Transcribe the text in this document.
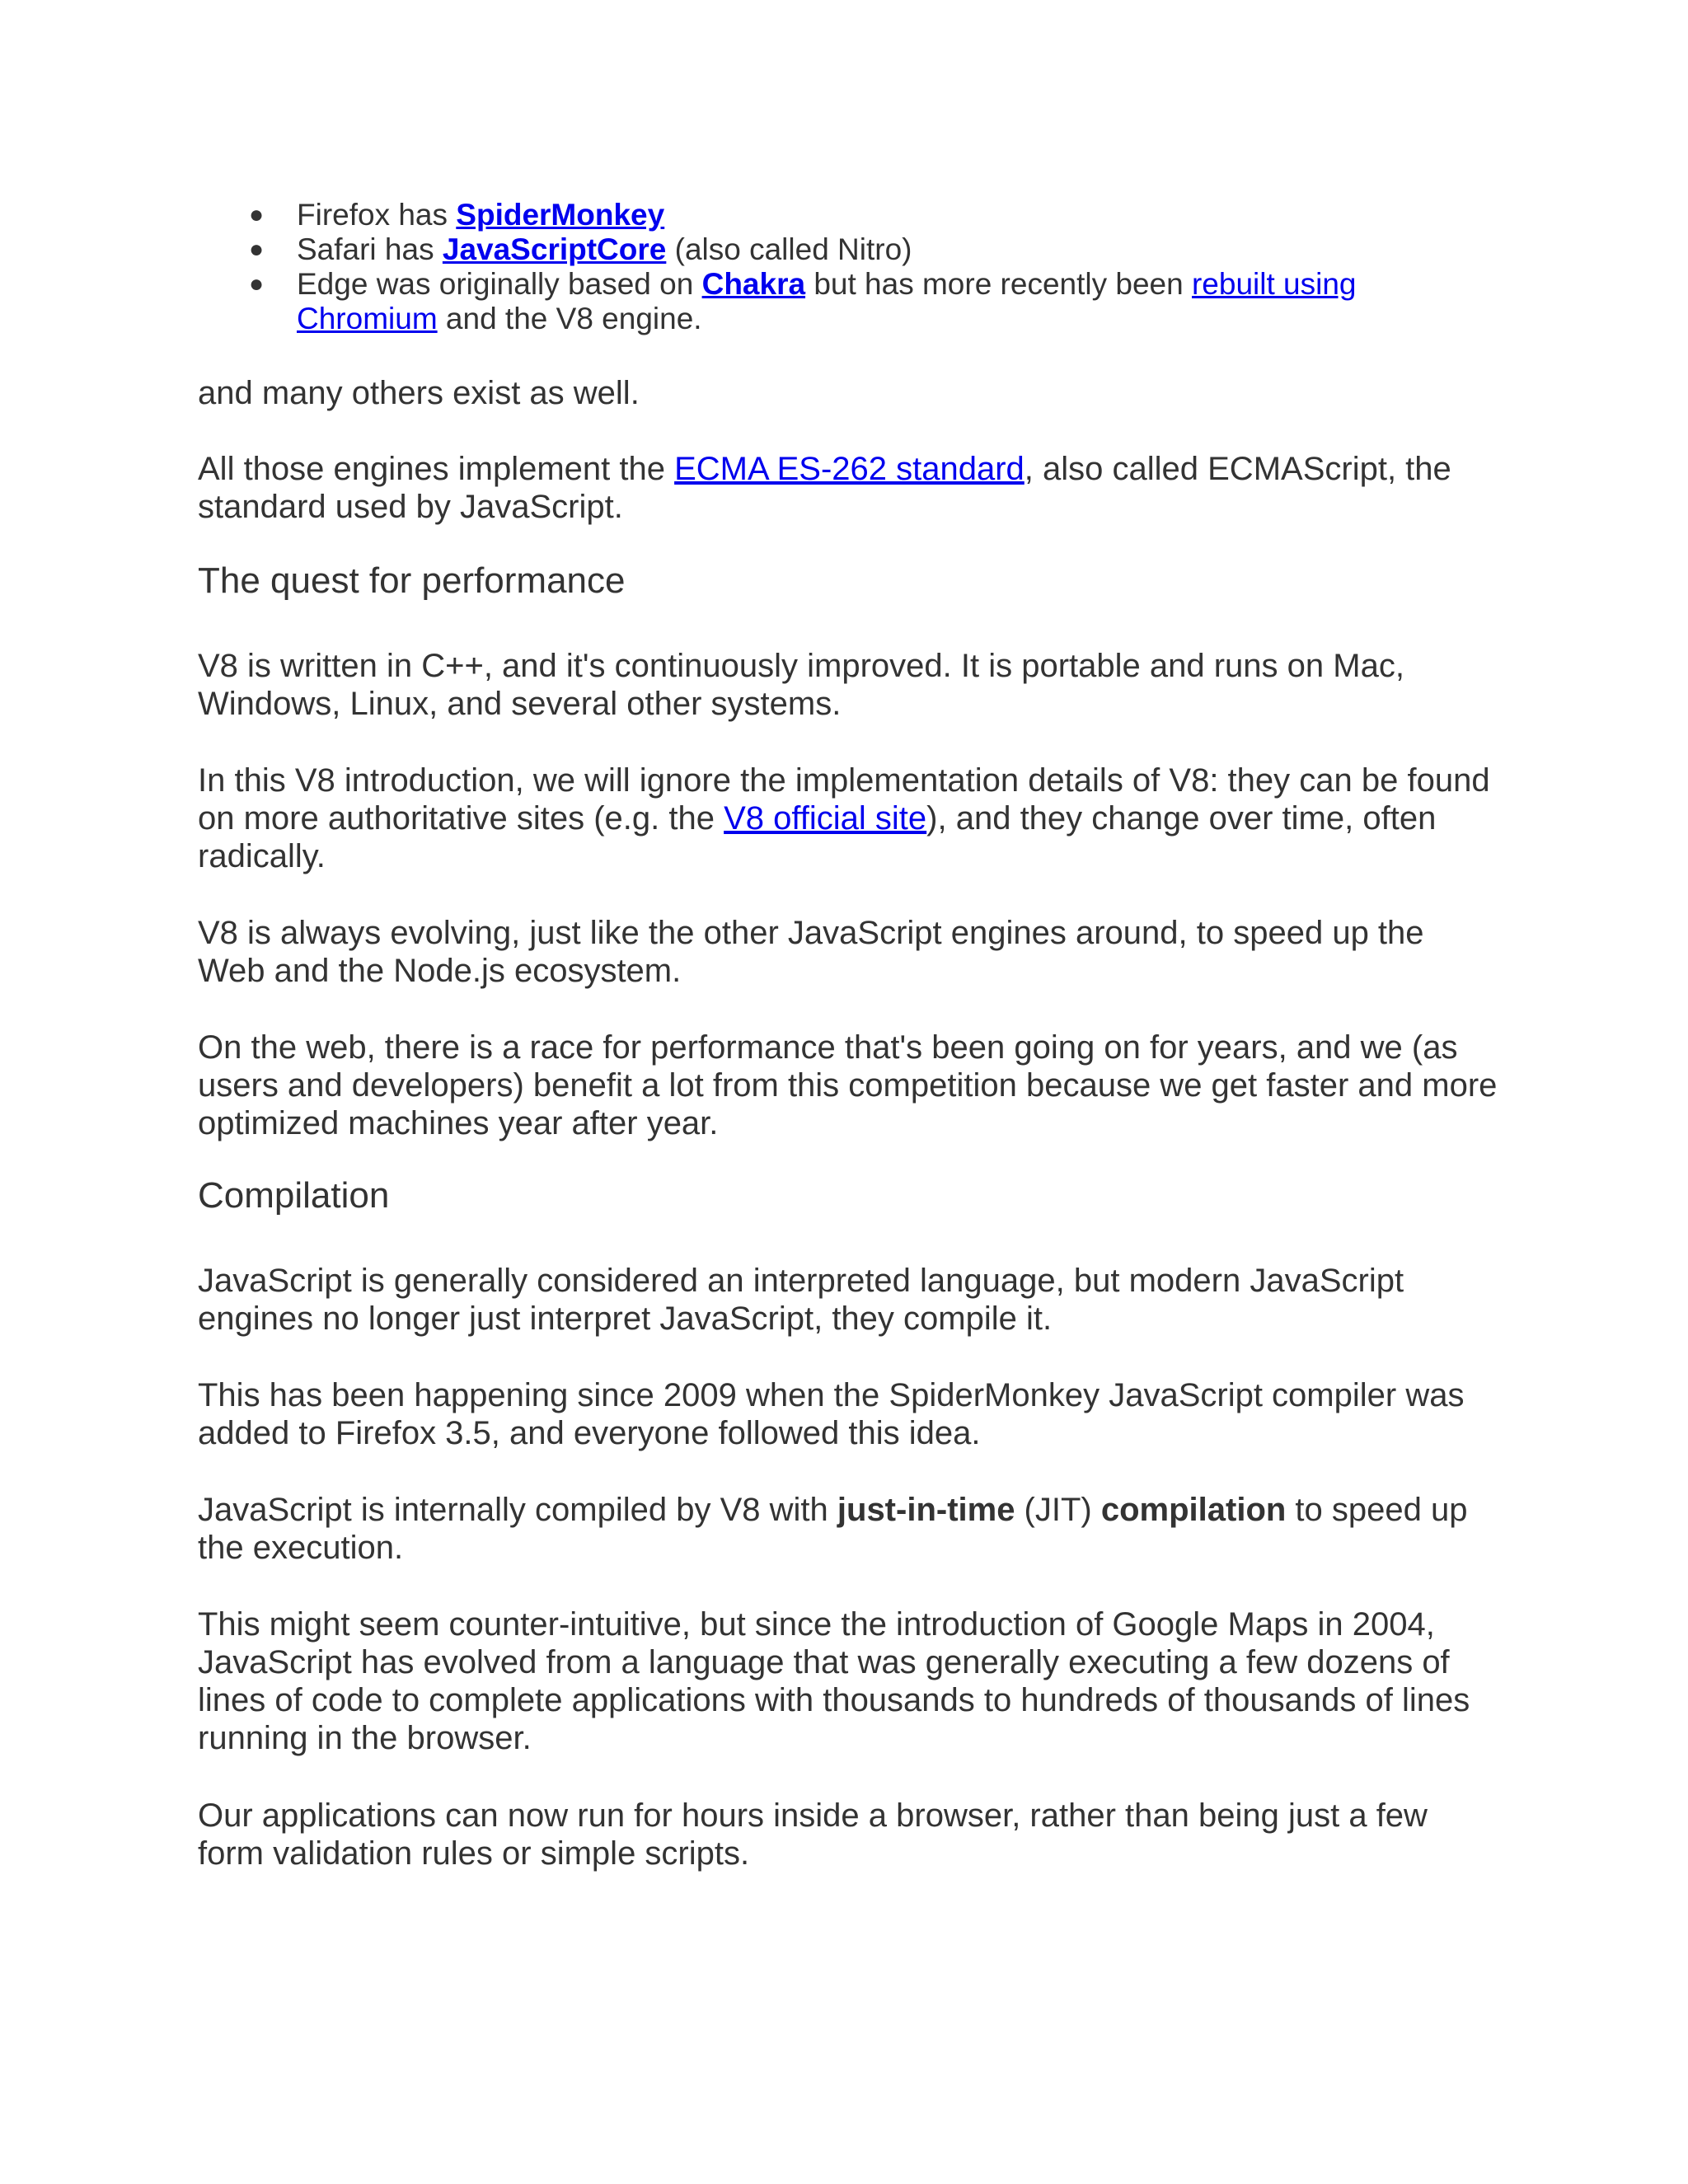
● Firefox has SpiderMonkey
● Safari has JavaScriptCore (also called Nitro)
● Edge was originally based on Chakra but has more recently been rebuilt using Chromium and the V8 engine.

and many others exist as well.

All those engines implement the ECMA ES-262 standard, also called ECMAScript, the standard used by JavaScript.

The quest for performance

V8 is written in C++, and it's continuously improved. It is portable and runs on Mac, Windows, Linux, and several other systems.

In this V8 introduction, we will ignore the implementation details of V8: they can be found on more authoritative sites (e.g. the V8 official site), and they change over time, often radically.

V8 is always evolving, just like the other JavaScript engines around, to speed up the Web and the Node.js ecosystem.

On the web, there is a race for performance that's been going on for years, and we (as users and developers) benefit a lot from this competition because we get faster and more optimized machines year after year.

Compilation

JavaScript is generally considered an interpreted language, but modern JavaScript engines no longer just interpret JavaScript, they compile it.

This has been happening since 2009 when the SpiderMonkey JavaScript compiler was added to Firefox 3.5, and everyone followed this idea.

JavaScript is internally compiled by V8 with just-in-time (JIT) compilation to speed up the execution.

This might seem counter-intuitive, but since the introduction of Google Maps in 2004, JavaScript has evolved from a language that was generally executing a few dozens of lines of code to complete applications with thousands to hundreds of thousands of lines running in the browser.

Our applications can now run for hours inside a browser, rather than being just a few form validation rules or simple scripts.
